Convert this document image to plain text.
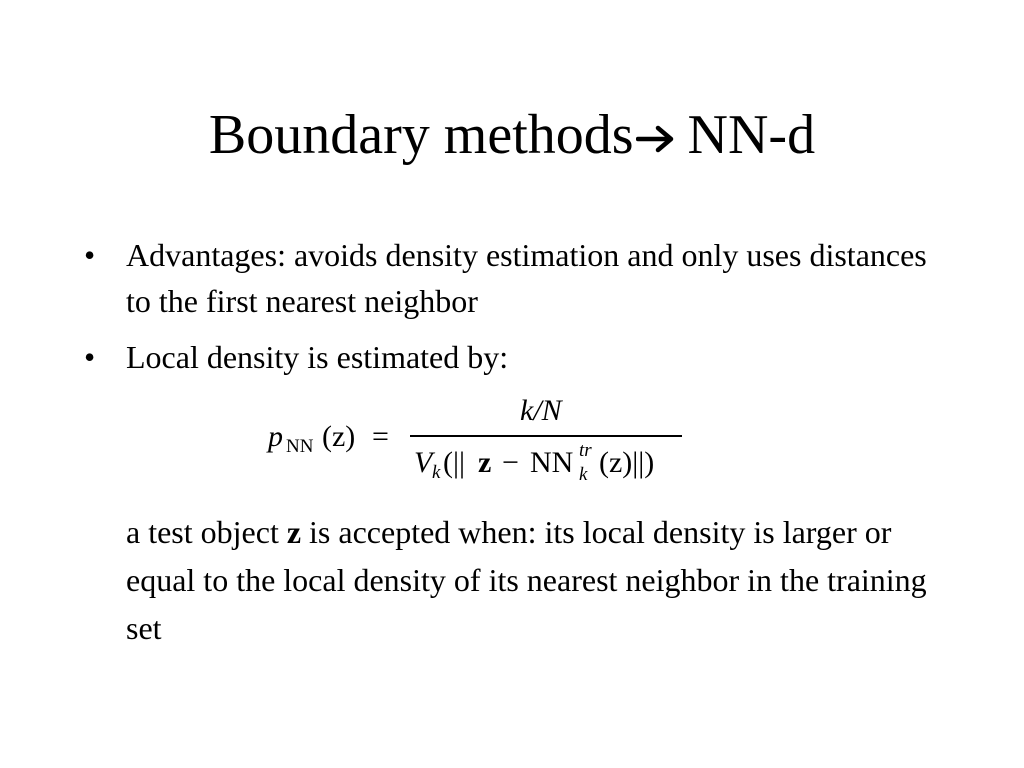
Boundary methods NN-d
• Advantages: avoids density estimation and only uses distances to the first nearest neighbor
• Local density is estimated by:
p NN (z) =
k/N
V k (|| z − NN tr
k (z)||)
a test object z is accepted when: its local density is larger or equal to the local density of its nearest neighbor in the training set
